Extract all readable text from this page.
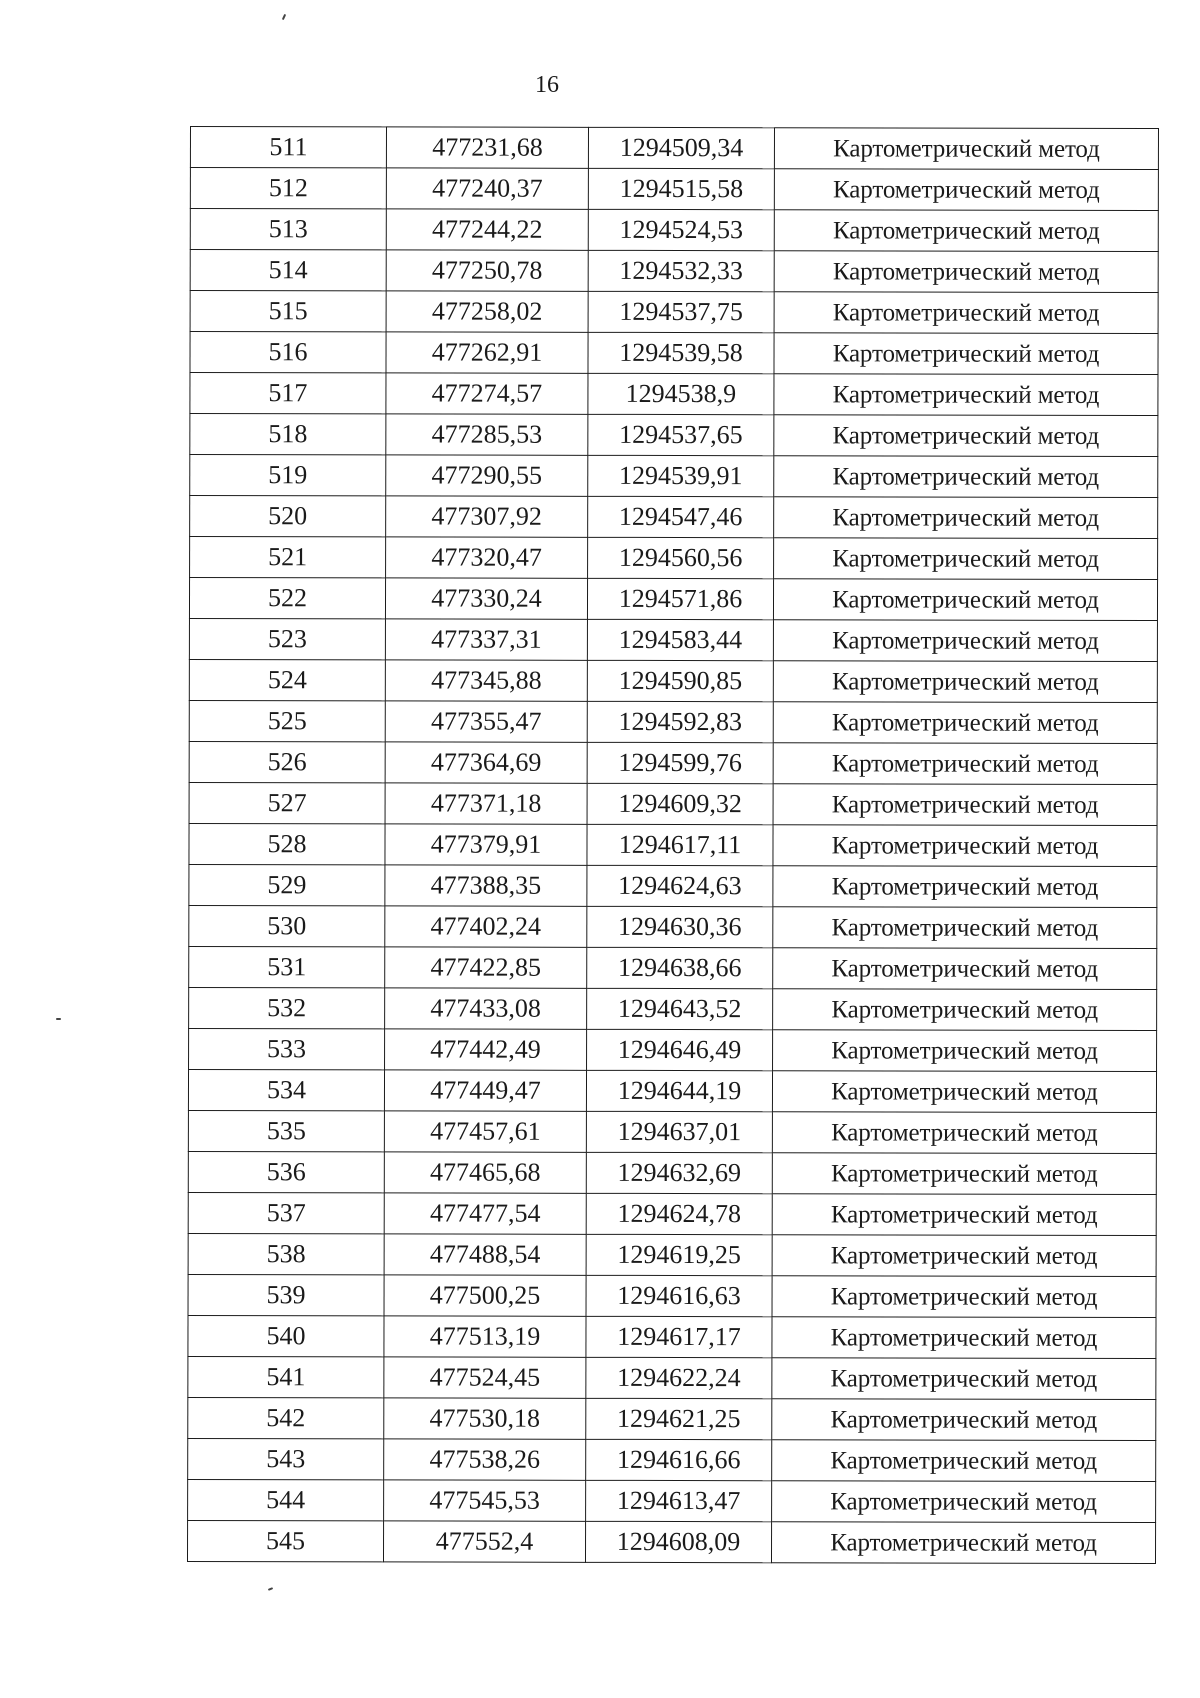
16
511	477231,68	1294509,34	Картометрический метод
512	477240,37	1294515,58	Картометрический метод
513	477244,22	1294524,53	Картометрический метод
514	477250,78	1294532,33	Картометрический метод
515	477258,02	1294537,75	Картометрический метод
516	477262,91	1294539,58	Картометрический метод
517	477274,57	1294538,9	Картометрический метод
518	477285,53	1294537,65	Картометрический метод
519	477290,55	1294539,91	Картометрический метод
520	477307,92	1294547,46	Картометрический метод
521	477320,47	1294560,56	Картометрический метод
522	477330,24	1294571,86	Картометрический метод
523	477337,31	1294583,44	Картометрический метод
524	477345,88	1294590,85	Картометрический метод
525	477355,47	1294592,83	Картометрический метод
526	477364,69	1294599,76	Картометрический метод
527	477371,18	1294609,32	Картометрический метод
528	477379,91	1294617,11	Картометрический метод
529	477388,35	1294624,63	Картометрический метод
530	477402,24	1294630,36	Картометрический метод
531	477422,85	1294638,66	Картометрический метод
532	477433,08	1294643,52	Картометрический метод
533	477442,49	1294646,49	Картометрический метод
534	477449,47	1294644,19	Картометрический метод
535	477457,61	1294637,01	Картометрический метод
536	477465,68	1294632,69	Картометрический метод
537	477477,54	1294624,78	Картометрический метод
538	477488,54	1294619,25	Картометрический метод
539	477500,25	1294616,63	Картометрический метод
540	477513,19	1294617,17	Картометрический метод
541	477524,45	1294622,24	Картометрический метод
542	477530,18	1294621,25	Картометрический метод
543	477538,26	1294616,66	Картометрический метод
544	477545,53	1294613,47	Картометрический метод
545	477552,4	1294608,09	Картометрический метод
